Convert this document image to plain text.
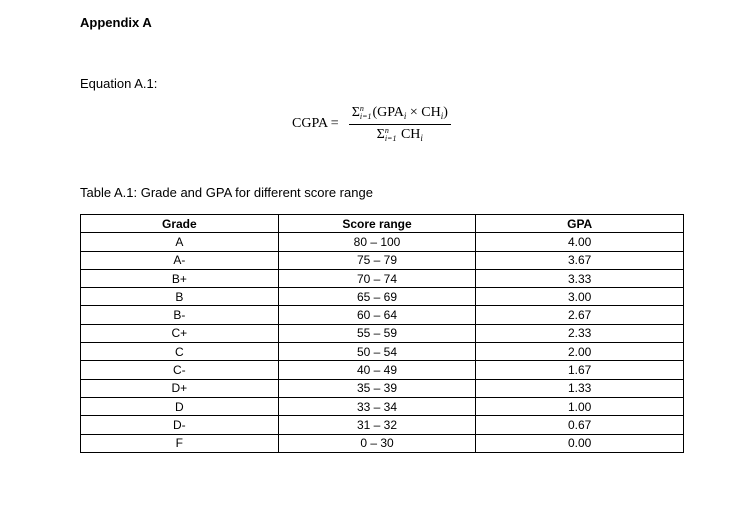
Appendix A
Equation A.1:
CGPA = Σ n
i=1 $(GPA_i \times CH_i)$
Σ n
i=1 $CH_i$
Table A.1: Grade and GPA for different score range
Grade	Score range	GPA
A	80 – 100	4.00
A-	75 – 79	3.67
B+	70 – 74	3.33
B	65 – 69	3.00
B-	60 – 64	2.67
C+	55 – 59	2.33
C	50 – 54	2.00
C-	40 – 49	1.67
D+	35 – 39	1.33
D	33 – 34	1.00
D-	31 – 32	0.67
F	0 – 30	0.00
